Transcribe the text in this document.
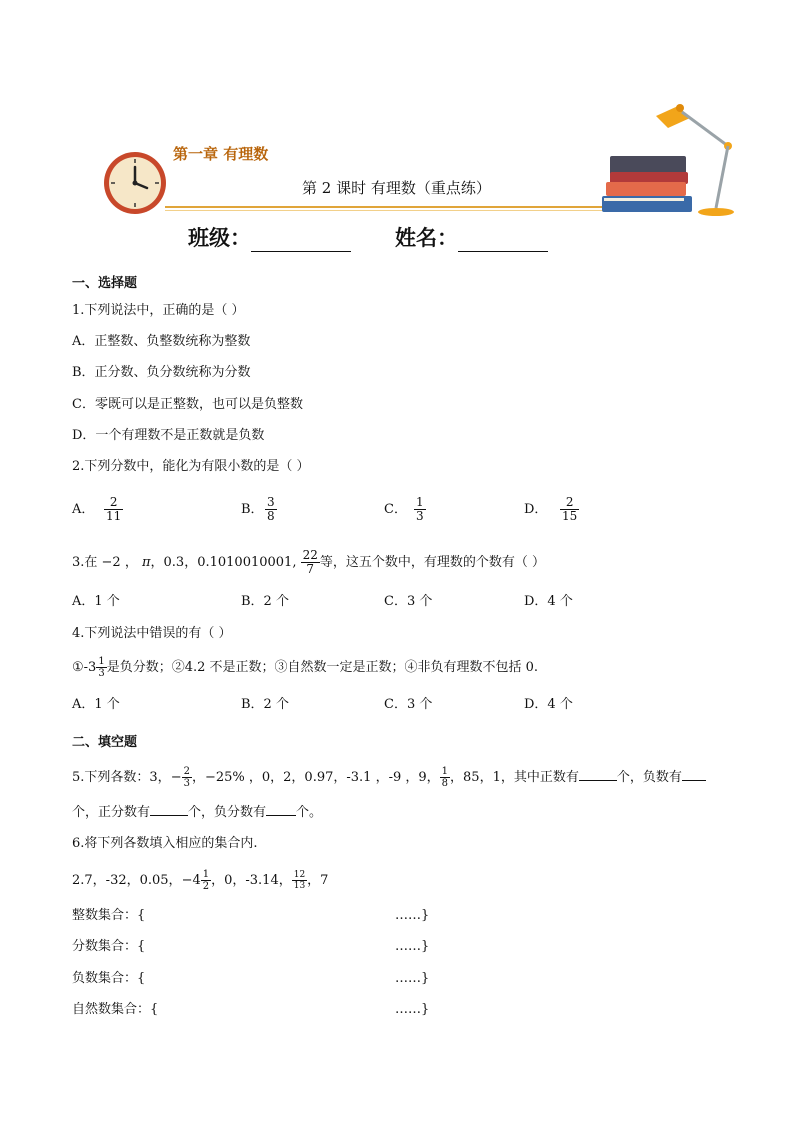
第一章 有理数
第 2 课时 有理数（重点练）
班级：	姓名：
一、选择题
1.下列说法中，正确的是（ ）
A．正整数、负整数统称为整数
B．正分数、负分数统称为分数
C．零既可以是正整数，也可以是负整数
D．一个有理数不是正数就是负数
2.下列分数中，能化为有限小数的是（ ）
A． $\frac{2}{11}$	B． $\frac{3}{8}$	C． $\frac{1}{3}$	D． $\frac{2}{15}$
3.在 −2 ， π，0.3，0.1010010001, $\frac{22}{7}$ 等，这五个数中，有理数的个数有（ ）
A．1 个	B．2 个	C．3 个	D．4 个
4.下列说法中错误的有（ ）
①-3 $\frac{1}{3}$ 是负分数；②4.2 不是正数；③自然数一定是正数；④非负有理数不包括 0.
A．1 个	B．2 个	C．3 个	D．4 个
二、填空题
5.下列各数：3，− $\frac{2}{3}$ ，−25% ，0，2，0.97，-3.1 ，-9 ，9， $\frac{1}{8}$ ，85，1，其中正数有	个，负数有
个，正分数有	个，负分数有 个。
6.将下列各数填入相应的集合内.
2.7，-32，0.05，$-4 \frac{1}{2}$ ，0，-3.14， $\frac{12}{13}$ ，7
整数集合：{	……}
分数集合：{	……}
负数集合：{	……}
自然数集合：{	……}
